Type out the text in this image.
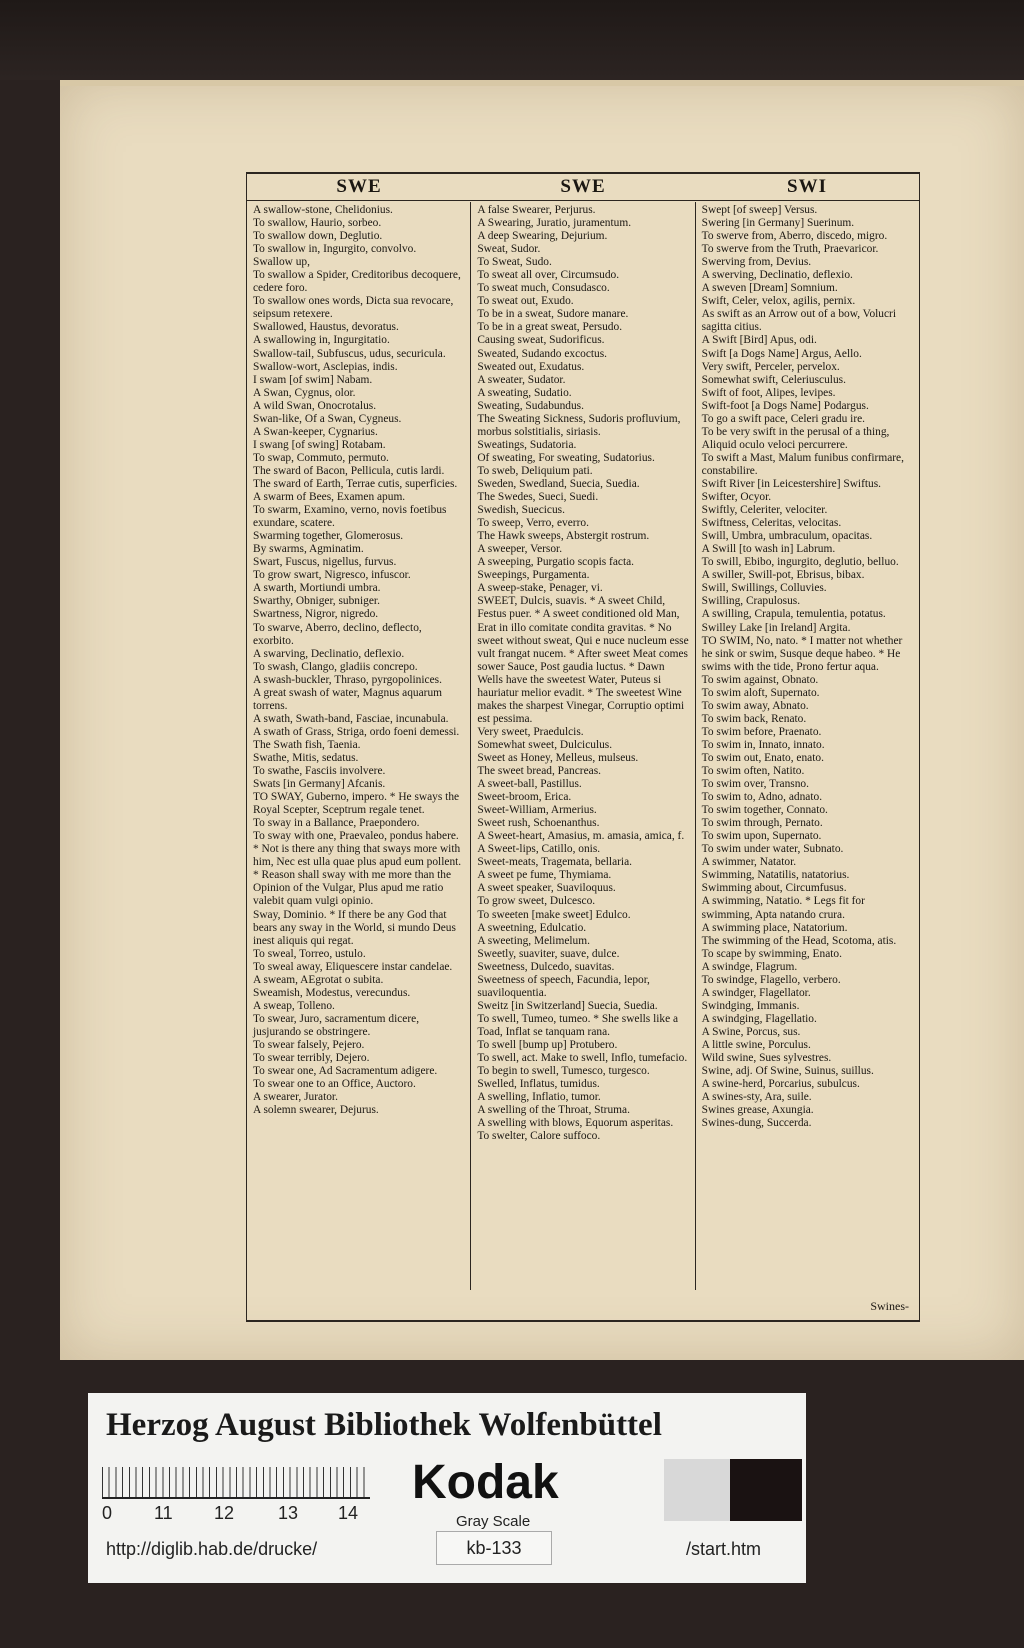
SWE	SWE	SWI
A swallow-stone, Chelidonius.
To swallow, Haurio, sorbeo.
To swallow down, Deglutio.
To swallow in, Ingurgito, convolvo.
Swallow up,
To swallow a Spider, Creditoribus decoquere, cedere foro.
To swallow ones words, Dicta sua revocare, seipsum retexere.
Swallowed, Haustus, devoratus.
A swallowing in, Ingurgitatio.
Swallow-tail, Subfuscus, udus, securicula.
Swallow-wort, Asclepias, indis.
I swam [of swim] Nabam.
A Swan, Cygnus, olor.
A wild Swan, Onocrotalus.
Swan-like, Of a Swan, Cygneus.
A Swan-keeper, Cygnarius.
I swang [of swing] Rotabam.
To swap, Commuto, permuto.
The sward of Bacon, Pellicula, cutis lardi.
The sward of Earth, Terrae cutis, superficies.
A swarm of Bees, Examen apum.
To swarm, Examino, verno, novis foetibus exundare, scatere.
Swarming together, Glomerosus.
By swarms, Agminatim.
Swart, Fuscus, nigellus, furvus.
To grow swart, Nigresco, infuscor.
A swarth, Mortiundi umbra.
Swarthy, Obniger, subniger.
Swartness, Nigror, nigredo.
To swarve, Aberro, declino, deflecto, exorbito.
A swarving, Declinatio, deflexio.
To swash, Clango, gladiis concrepo.
A swash-buckler, Thraso, pyrgopolinices.
A great swash of water, Magnus aquarum torrens.
A swath, Swath-band, Fasciae, incunabula.
A swath of Grass, Striga, ordo foeni demessi.
The Swath fish, Taenia.
Swathe, Mitis, sedatus.
To swathe, Fasciis involvere.
Swats [in Germany] Afcanis.
TO SWAY, Guberno, impero. * He sways the Royal Scepter, Sceptrum regale tenet.
To sway in a Ballance, Praepondero.
To sway with one, Praevaleo, pondus habere. * Not is there any thing that sways more with him, Nec est ulla quae plus apud eum pollent. * Reason shall sway with me more than the Opinion of the Vulgar, Plus apud me ratio valebit quam vulgi opinio.
Sway, Dominio. * If there be any God that bears any sway in the World, si mundo Deus inest aliquis qui regat.
To sweal, Torreo, ustulo.
To sweal away, Eliquescere instar candelae.
A sweam, AEgrotat o subita.
Sweamish, Modestus, verecundus.
A sweap, Tolleno.
To swear, Juro, sacramentum dicere, jusjurando se obstringere.
To swear falsely, Pejero.
To swear terribly, Dejero.
To swear one, Ad Sacramentum adigere.
To swear one to an Office, Auctoro.
A swearer, Jurator.
A solemn swearer, Dejurus.
A false Swearer, Perjurus.
A Swearing, Juratio, juramentum.
A deep Swearing, Dejurium.
Sweat, Sudor.
To Sweat, Sudo.
To sweat all over, Circumsudo.
To sweat much, Consudasco.
To sweat out, Exudo.
To be in a sweat, Sudore manare.
To be in a great sweat, Persudo.
Causing sweat, Sudorificus.
Sweated, Sudando excoctus.
Sweated out, Exudatus.
A sweater, Sudator.
A sweating, Sudatio.
Sweating, Sudabundus.
The Sweating Sickness, Sudoris profluvium, morbus solstitialis, siriasis.
Sweatings, Sudatoria.
Of sweating, For sweating, Sudatorius.
To sweb, Deliquium pati.
Sweden, Swedland, Suecia, Suedia.
The Swedes, Sueci, Suedi.
Swedish, Suecicus.
To sweep, Verro, everro.
The Hawk sweeps, Abstergit rostrum.
A sweeper, Versor.
A sweeping, Purgatio scopis facta.
Sweepings, Purgamenta.
A sweep-stake, Penager, vi.
SWEET, Dulcis, suavis. * A sweet Child, Festus puer. * A sweet conditioned old Man, Erat in illo comitate condita gravitas. * No sweet without sweat, Qui e nuce nucleum esse vult frangat nucem. * After sweet Meat comes sower Sauce, Post gaudia luctus. * Dawn Wells have the sweetest Water, Puteus si hauriatur melior evadit. * The sweetest Wine makes the sharpest Vinegar, Corruptio optimi est pessima.
Very sweet, Praedulcis.
Somewhat sweet, Dulciculus.
Sweet as Honey, Melleus, mulseus.
The sweet bread, Pancreas.
A sweet-ball, Pastillus.
Sweet-broom, Erica.
Sweet-William, Armerius.
Sweet rush, Schoenanthus.
A Sweet-heart, Amasius, m. amasia, amica, f.
A Sweet-lips, Catillo, onis.
Sweet-meats, Tragemata, bellaria.
A sweet pe fume, Thymiama.
A sweet speaker, Suaviloquus.
To grow sweet, Dulcesco.
To sweeten [make sweet] Edulco.
A sweetning, Edulcatio.
A sweeting, Melimelum.
Sweetly, suaviter, suave, dulce.
Sweetness, Dulcedo, suavitas.
Sweetness of speech, Facundia, lepor, suaviloquentia.
Sweitz [in Switzerland] Suecia, Suedia.
To swell, Tumeo, tumeo. * She swells like a Toad, Inflat se tanquam rana.
To swell [bump up] Protubero.
To swell, act. Make to swell, Inflo, tumefacio.
To begin to swell, Tumesco, turgesco.
Swelled, Inflatus, tumidus.
A swelling, Inflatio, tumor.
A swelling of the Throat, Struma.
A swelling with blows, Equorum asperitas.
To swelter, Calore suffoco.
Swept [of sweep] Versus.
Swering [in Germany] Suerinum.
To swerve from, Aberro, discedo, migro.
To swerve from the Truth, Praevaricor.
Swerving from, Devius.
A swerving, Declinatio, deflexio.
A sweven [Dream] Somnium.
Swift, Celer, velox, agilis, pernix.
As swift as an Arrow out of a bow, Volucri sagitta citius.
A Swift [Bird] Apus, odi.
Swift [a Dogs Name] Argus, Aello.
Very swift, Perceler, pervelox.
Somewhat swift, Celeriusculus.
Swift of foot, Alipes, levipes.
Swift-foot [a Dogs Name] Podargus.
To go a swift pace, Celeri gradu ire.
To be very swift in the perusal of a thing, Aliquid oculo veloci percurrere.
To swift a Mast, Malum funibus confirmare, constabilire.
Swift River [in Leicestershire] Swiftus.
Swifter, Ocyor.
Swiftly, Celeriter, velociter.
Swiftness, Celeritas, velocitas.
Swill, Umbra, umbraculum, opacitas.
A Swill [to wash in] Labrum.
To swill, Ebibo, ingurgito, deglutio, belluo.
A swiller, Swill-pot, Ebrisus, bibax.
Swill, Swillings, Colluvies.
Swilling, Crapulosus.
A swilling, Crapula, temulentia, potatus.
Swilley Lake [in Ireland] Argita.
TO SWIM, No, nato. * I matter not whether he sink or swim, Susque deque habeo. * He swims with the tide, Prono fertur aqua.
To swim against, Obnato.
To swim aloft, Supernato.
To swim away, Abnato.
To swim back, Renato.
To swim before, Praenato.
To swim in, Innato, innato.
To swim out, Enato, enato.
To swim often, Natito.
To swim over, Transno.
To swim to, Adno, adnato.
To swim together, Connato.
To swim through, Pernato.
To swim upon, Supernato.
To swim under water, Subnato.
A swimmer, Natator.
Swimming, Natatilis, natatorius.
Swimming about, Circumfusus.
A swimming, Natatio. * Legs fit for swimming, Apta natando crura.
A swimming place, Natatorium.
The swimming of the Head, Scotoma, atis.
To scape by swimming, Enato.
A swindge, Flagrum.
To swindge, Flagello, verbero.
A swindger, Flagellator.
Swindging, Immanis.
A swindging, Flagellatio.
A Swine, Porcus, sus.
A little swine, Porculus.
Wild swine, Sues sylvestres.
Swine, adj. Of Swine, Suinus, suillus.
A swine-herd, Porcarius, subulcus.
A swines-sty, Ara, suile.
Swines grease, Axungia.
Swines-dung, Succerda.
Swines-
Herzog August Bibliothek Wolfenbüttel
0 11 12 13 14
Kodak
Gray Scale
http://diglib.hab.de/drucke/	kb-133	/start.htm
